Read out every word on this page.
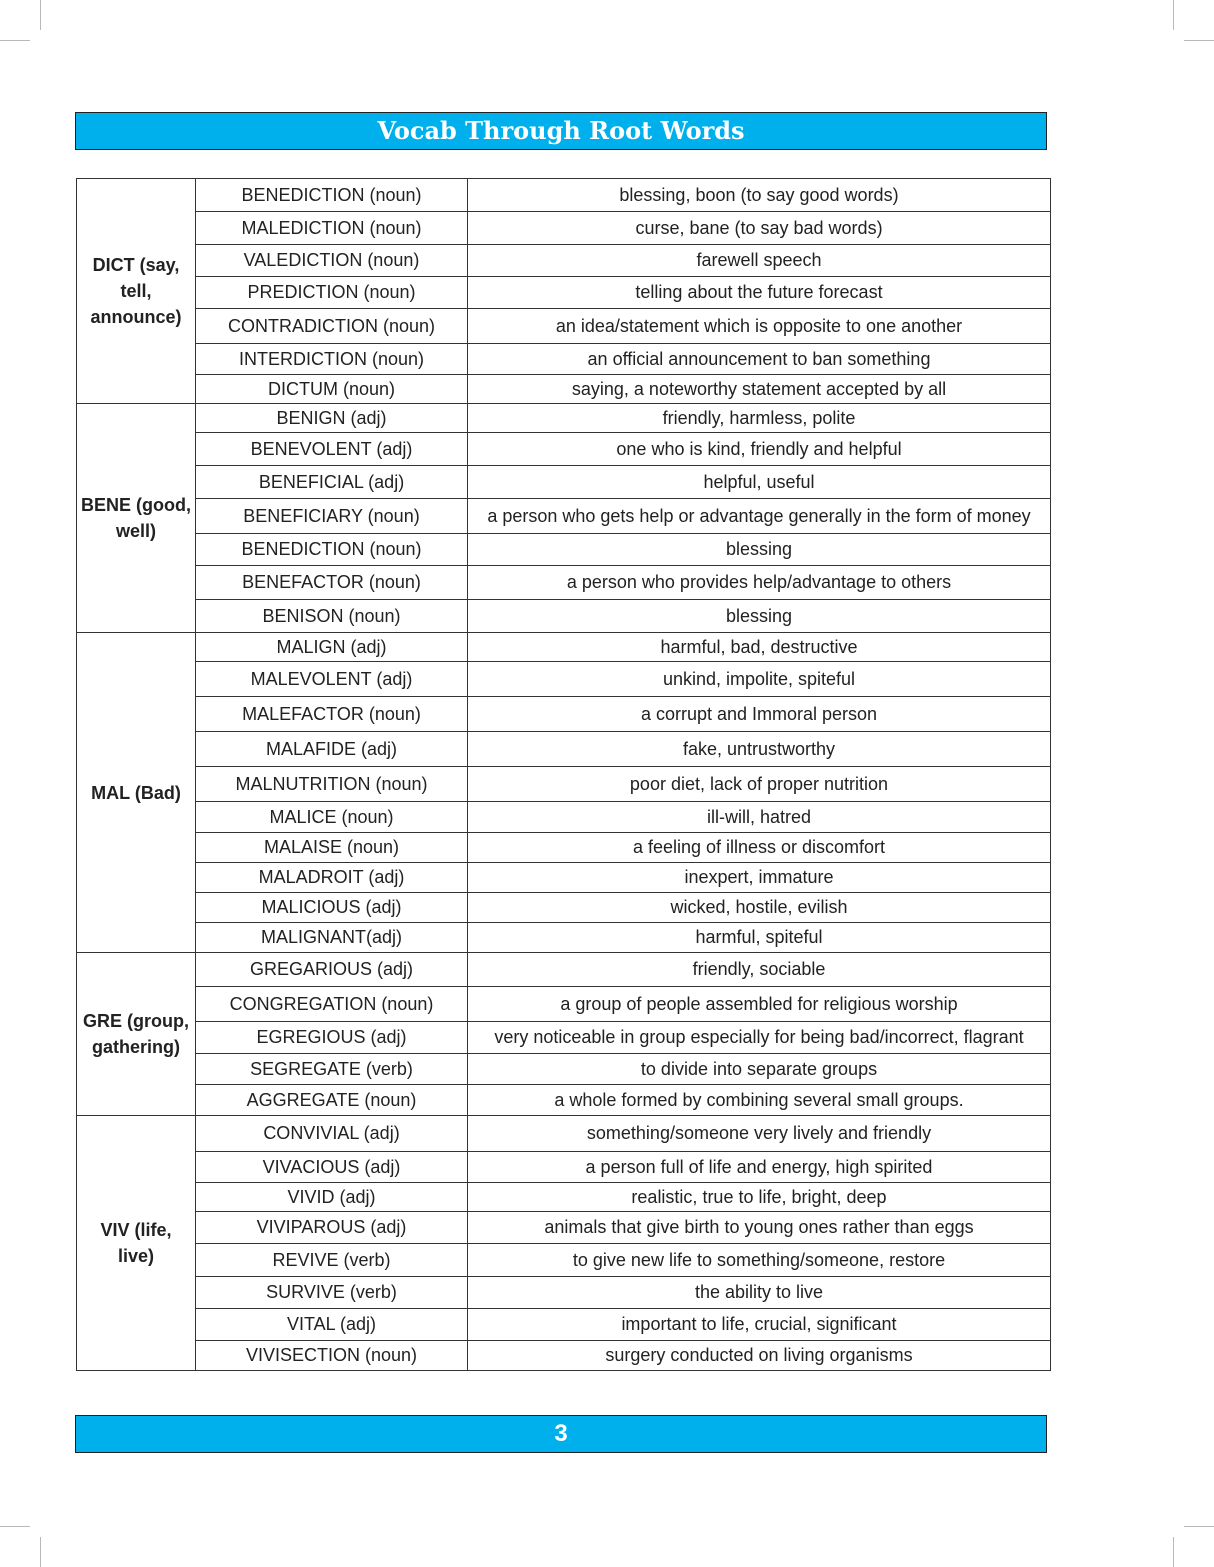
Vocab Through Root Words
DICT (say, tell, announce)	BENEDICTION (noun)	blessing, boon (to say good words)
	MALEDICTION (noun)	curse, bane (to say bad words)
	VALEDICTION (noun)	farewell speech
	PREDICTION (noun)	telling about the future forecast
	CONTRADICTION (noun)	an idea/statement which is opposite to one another
	INTERDICTION (noun)	an official announcement to ban something
	DICTUM (noun)	saying, a noteworthy statement accepted by all
BENE (good, well)	BENIGN (adj)	friendly, harmless, polite
	BENEVOLENT (adj)	one who is kind, friendly and helpful
	BENEFICIAL (adj)	helpful, useful
	BENEFICIARY (noun)	a person who gets help or advantage generally in the form of money
	BENEDICTION (noun)	blessing
	BENEFACTOR (noun)	a person who provides help/advantage to others
	BENISON (noun)	blessing
MAL (Bad)	MALIGN (adj)	harmful, bad, destructive
	MALEVOLENT (adj)	unkind, impolite, spiteful
	MALEFACTOR (noun)	a corrupt and Immoral person
	MALAFIDE (adj)	fake, untrustworthy
	MALNUTRITION (noun)	poor diet, lack of proper nutrition
	MALICE (noun)	ill-will, hatred
	MALAISE (noun)	a feeling of illness or discomfort
	MALADROIT (adj)	inexpert, immature
	MALICIOUS (adj)	wicked, hostile, evilish
	MALIGNANT(adj)	harmful, spiteful
GRE (group, gathering)	GREGARIOUS (adj)	friendly, sociable
	CONGREGATION (noun)	a group of people assembled for religious worship
	EGREGIOUS (adj)	very noticeable in group especially for being bad/incorrect, flagrant
	SEGREGATE (verb)	to divide into separate groups
	AGGREGATE (noun)	a whole formed by combining several small groups.
VIV (life, live)	CONVIVIAL (adj)	something/someone very lively and friendly
	VIVACIOUS (adj)	a person full of life and energy, high spirited
	VIVID (adj)	realistic, true to life, bright, deep
	VIVIPAROUS (adj)	animals that give birth to young ones rather than eggs
	REVIVE (verb)	to give new life to something/someone, restore
	SURVIVE (verb)	the ability to live
	VITAL (adj)	important to life, crucial, significant
	VIVISECTION (noun)	surgery conducted on living organisms
3
